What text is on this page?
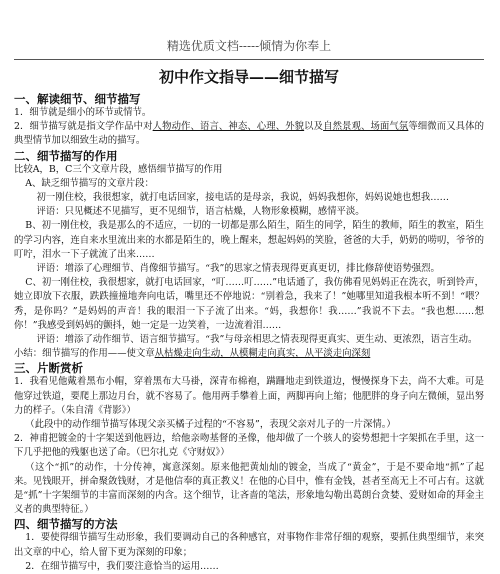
精选优质文档-----倾情为你奉上
初中作文指导——细节描写
一、解读细节、细节描写

1．细节就是细小的环节或情节。

2．细节描写就是指文学作品中对人物动作、语言、神态、心理、外貌以及自然景观、场面气氛等细微而又具体的典型情节加以细致生动的描写。

二、细节描写的作用

比较A，B，C三个文章片段，感悟细节描写的作用

A、缺乏细节描写的文章片段：

初一刚住校，我很想家，就打电话回家，接电话的是母亲，我说，妈妈我想你，妈妈说她也想我……

评语：只见概述不见描写，更不见细节，语言枯燥，人物形象模糊，感情平淡。

B、初一刚住校，我是那么的不适应，一切的一切都是那么陌生，陌生的同学，陌生的教师，陌生的教室，陌生的学习内容，连自来水里流出来的水都是陌生的，晚上醒来，想起妈妈的笑脸，爸爸的大手，奶奶的唠叨，爷爷的叮咛，泪水一下子就流了出来……

评语：增添了心理细节、肖像细节描写。“我”的思家之情表现得更真更切，排比修辞使语势强烈。

C、初一刚住校，我很想家，就打电话回家，“叮……叮……”电话通了，我仿佛看见妈妈正在洗衣，听到铃声，她立即放下衣服，跌跌撞撞地奔向电话，嘴里还不停地说：“别着急，我来了！”她哪里知道我根本听不到！“喂？秀，是你吗？”是妈妈的声音！我的眼泪一下子流了出来。“妈，我想你！我……”我说不下去。“我也想……想你！”我感受到妈妈的颤抖，她一定是一边笑着，一边流着泪……

评语：增添了动作细节、语言细节描写。“我”与母亲相思之情表现得更真实、更生动、更浓烈，语言生动。

小结：细节描写的作用——使文章从枯燥走向生动，从模糊走向真实，从平淡走向深刻

三、片断赏析

1．我看见他戴着黑布小帽，穿着黑布大马褂，深青布棉袍，蹒跚地走到铁道边，慢慢探身下去，尚不大难。可是他穿过铁道，要爬上那边月台，就不容易了。他用两手攀着上面，两脚再向上缩；他肥胖的身子向左微倾，显出努力的样子。（朱自清《背影》）

（此段中的动作细节描写体现父亲买橘子过程的“不容易”，表现父亲对儿子的一片深情。）

2．神甫把镀金的十字架送到他唇边，给他亲吻基督的圣像，他却做了一个骇人的姿势想把十字架抓在手里，这一下几乎把他的残躯也送了命。（巴尔扎克《守财奴》）

（这个“抓”的动作，十分传神，寓意深刻。原来他把黄灿灿的镀金，当成了“黄金”，于是不要命地“抓”了起来。见钱眼开，拼命聚敛钱财，才是他信奉的真正教义！在他的心目中，惟有金钱，甚者至高无上不可占有。这就是“抓”十字架细节的丰富而深刻的内含。这个细节，让吝啬的笔法，形象地勾勒出葛朗台贪婪、爱财如命的拜金主义者的典型特征。）

四、细节描写的方法

1．要使得细节描写生动形象，我们要调动自己的各种感官，对事物作非常仔细的观察，要抓住典型细节，来突出文章的中心，给人留下更为深刻的印象；

2．在细节描写中，我们要注意恰当的运用……
